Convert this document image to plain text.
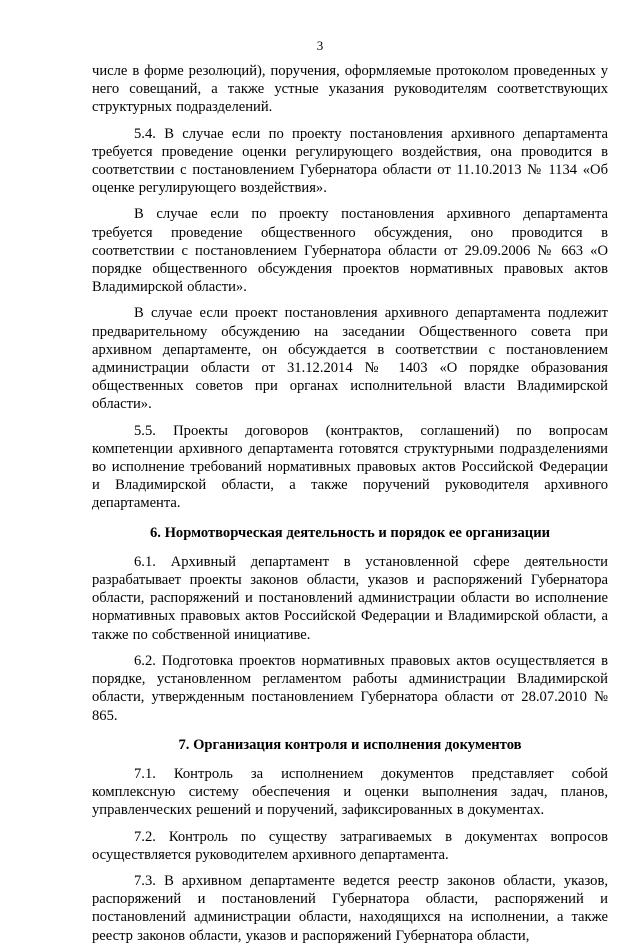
3

числе в форме резолюций), поручения, оформляемые протоколом проведенных у него совещаний, а также устные указания руководителям соответствующих структурных подразделений.

5.4. В случае если по проекту постановления архивного департамента требуется проведение оценки регулирующего воздействия, она проводится в соответствии с постановлением Губернатора области от 11.10.2013 № 1134 «Об оценке регулирующего воздействия».

В случае если по проекту постановления архивного департамента требуется проведение общественного обсуждения, оно проводится в соответствии с постановлением Губернатора области от 29.09.2006 № 663 «О порядке общественного обсуждения проектов нормативных правовых актов Владимирской области».

В случае если проект постановления архивного департамента подлежит предварительному обсуждению на заседании Общественного совета при архивном департаменте, он обсуждается в соответствии с постановлением администрации области от 31.12.2014 № 1403 «О порядке образования общественных советов при органах исполнительной власти Владимирской области».

5.5. Проекты договоров (контрактов, соглашений) по вопросам компетенции архивного департамента готовятся структурными подразделениями во исполнение требований нормативных правовых актов Российской Федерации и Владимирской области, а также поручений руководителя архивного департамента.

6. Нормотворческая деятельность и порядок ее организации

6.1. Архивный департамент в установленной сфере деятельности разрабатывает проекты законов области, указов и распоряжений Губернатора области, распоряжений и постановлений администрации области во исполнение нормативных правовых актов Российской Федерации и Владимирской области, а также по собственной инициативе.

6.2. Подготовка проектов нормативных правовых актов осуществляется в порядке, установленном регламентом работы администрации Владимирской области, утвержденным постановлением Губернатора области от 28.07.2010 № 865.

7. Организация контроля и исполнения документов

7.1. Контроль за исполнением документов представляет собой комплексную систему обеспечения и оценки выполнения задач, планов, управленческих решений и поручений, зафиксированных в документах.

7.2. Контроль по существу затрагиваемых в документах вопросов осуществляется руководителем архивного департамента.

7.3. В архивном департаменте ведется реестр законов области, указов, распоряжений и постановлений Губернатора области, распоряжений и постановлений администрации области, находящихся на исполнении, а также реестр законов области, указов и распоряжений Губернатора области,
